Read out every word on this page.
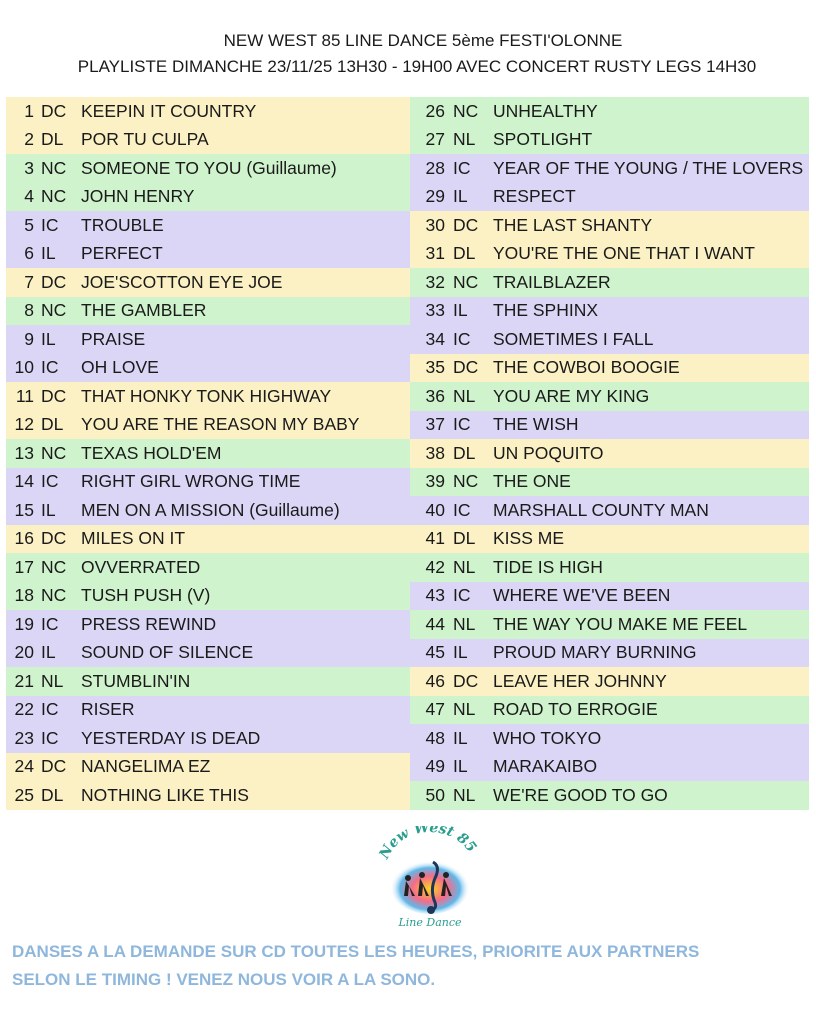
NEW WEST 85 LINE DANCE 5ème FESTI'OLONNE
PLAYLISTE DIMANCHE 23/11/25 13H30 - 19H00 AVEC CONCERT RUSTY LEGS 14H30
1 DC KEEPIN IT COUNTRY
2 DL	POR TU CULPA
3 NC SOMEONE TO YOU (Guillaume)
4 NC JOHN HENRY
5 IC	TROUBLE
6 IL	PERFECT
7 DC JOE'SCOTTON EYE JOE
8 NC THE GAMBLER
9 IL	PRAISE
10 IC	OH LOVE
11 DC THAT HONKY TONK HIGHWAY
12 DL	YOU ARE THE REASON MY BABY
13 NC TEXAS HOLD'EM
14 IC	RIGHT GIRL WRONG TIME
15 IL	MEN ON A MISSION (Guillaume)
16 DC MILES ON IT
17 NC OVVERRATED
18 NC TUSH PUSH (V)
19 IC	PRESS REWIND
20 IL	SOUND OF SILENCE
21 NL	STUMBLIN'IN
22 IC	RISER
23 IC	YESTERDAY IS DEAD
24 DC NANGELIMA EZ
25 DL	NOTHING LIKE THIS
26 NC UNHEALTHY
27 NL	SPOTLIGHT
28 IC	YEAR OF THE YOUNG / THE LOVERS
29 IL	RESPECT
30 DC THE LAST SHANTY
31 DL	YOU'RE THE ONE THAT I WANT
32 NC TRAILBLAZER
33 IL	THE SPHINX
34 IC	SOMETIMES I FALL
35 DC THE COWBOI BOOGIE
36 NL	YOU ARE MY KING
37 IC	THE WISH
38 DL	UN POQUITO
39 NC THE ONE
40 IC	MARSHALL COUNTY MAN
41 DL	KISS ME
42 NL	TIDE IS HIGH
43 IC	WHERE WE'VE BEEN
44 NL	THE WAY YOU MAKE ME FEEL
45 IL	PROUD MARY BURNING
46 DC LEAVE HER JOHNNY
47 NL	ROAD TO ERROGIE
48 IL	WHO TOKYO
49 IL	MARAKAIBO
50 NL	WE'RE GOOD TO GO
New West 85
Line Dance
DANSES A LA DEMANDE SUR CD TOUTES LES HEURES, PRIORITE AUX PARTNERS
SELON LE TIMING ! VENEZ NOUS VOIR A LA SONO.
